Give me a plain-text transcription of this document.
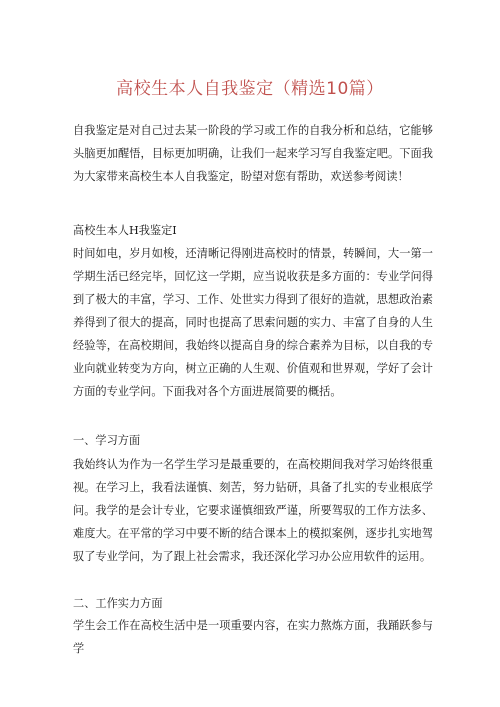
高校生本人自我鉴定（精选10篇）

自我鉴定是对自己过去某一阶段的学习或工作的自我分析和总结，它能够头脑更加醒悟，目标更加明确，让我们一起来学习写自我鉴定吧。下面我为大家带来高校生本人自我鉴定，盼望对您有帮助，欢送参考阅读！

高校生本人H我鉴定I

时间如电，岁月如梭，还清晰记得刚进高校时的情景，转瞬间，大一第一学期生活已经完毕，回忆这一学期，应当说收获是多方面的：专业学问得到了极大的丰富，学习、工作、处世实力得到了很好的造就，思想政治素养得到了很大的提高，同时也提高了思索问题的实力、丰富了自身的人生经验等，在高校期间，我始终以提高自身的综合素养为目标，以自我的专业向就业转变为方向，树立正确的人生观、价值观和世界观，学好了会计方面的专业学问。下面我对各个方面进展简要的概括。

一、学习方面

我始终认为作为一名学生学习是最重要的，在高校期间我对学习始终很重视。在学习上，我看法谨慎、刻苦，努力钻研，具备了扎实的专业根底学问。我学的是会计专业，它要求谨慎细致严谨，所要驾驭的工作方法多、难度大。在平常的学习中要不断的结合课本上的模拟案例，逐步扎实地驾驭了专业学问，为了跟上社会需求，我还深化学习办公应用软件的运用。

二、工作实力方面

学生会工作在高校生活中是一项重要内容，在实力熬炼方面，我踊跃参与学
